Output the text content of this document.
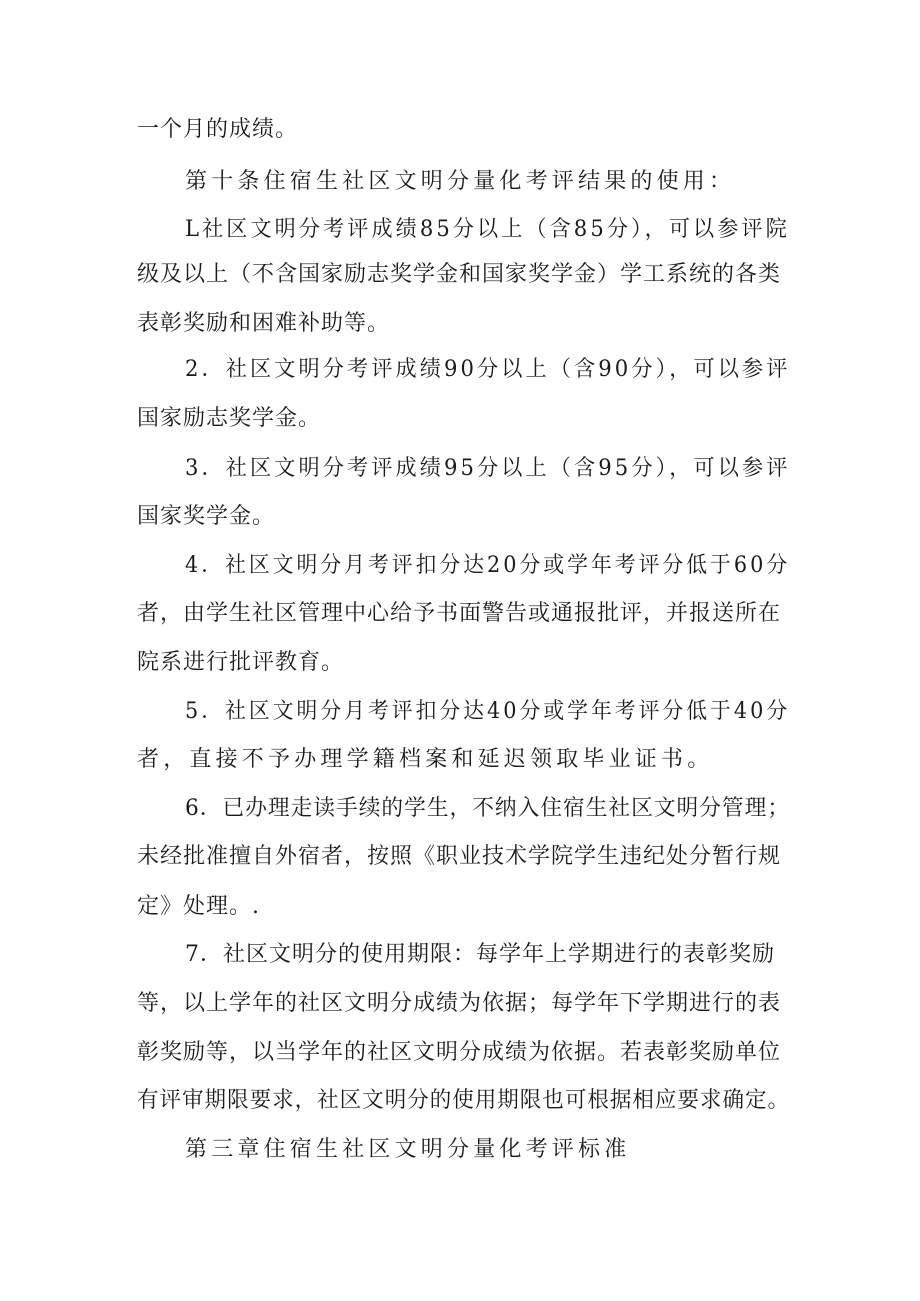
一个月的成绩。

第十条住宿生社区文明分量化考评结果的使用：

L社区文明分考评成绩85分以上（含85分），可以参评院

级及以上（不含国家励志奖学金和国家奖学金）学工系统的各类

表彰奖励和困难补助等。

2．社区文明分考评成绩90分以上（含90分），可以参评

国家励志奖学金。

3．社区文明分考评成绩95分以上（含95分），可以参评

国家奖学金。

4．社区文明分月考评扣分达20分或学年考评分低于60分

者，由学生社区管理中心给予书面警告或通报批评，并报送所在

院系进行批评教育。

5．社区文明分月考评扣分达40分或学年考评分低于40分

者，直接不予办理学籍档案和延迟领取毕业证书。

6．已办理走读手续的学生，不纳入住宿生社区文明分管理；

未经批准擅自外宿者，按照《职业技术学院学生违纪处分暂行规

定》处理。.

7．社区文明分的使用期限：每学年上学期进行的表彰奖励

等，以上学年的社区文明分成绩为依据；每学年下学期进行的表

彰奖励等，以当学年的社区文明分成绩为依据。若表彰奖励单位

有评审期限要求，社区文明分的使用期限也可根据相应要求确定。

第三章住宿生社区文明分量化考评标准
